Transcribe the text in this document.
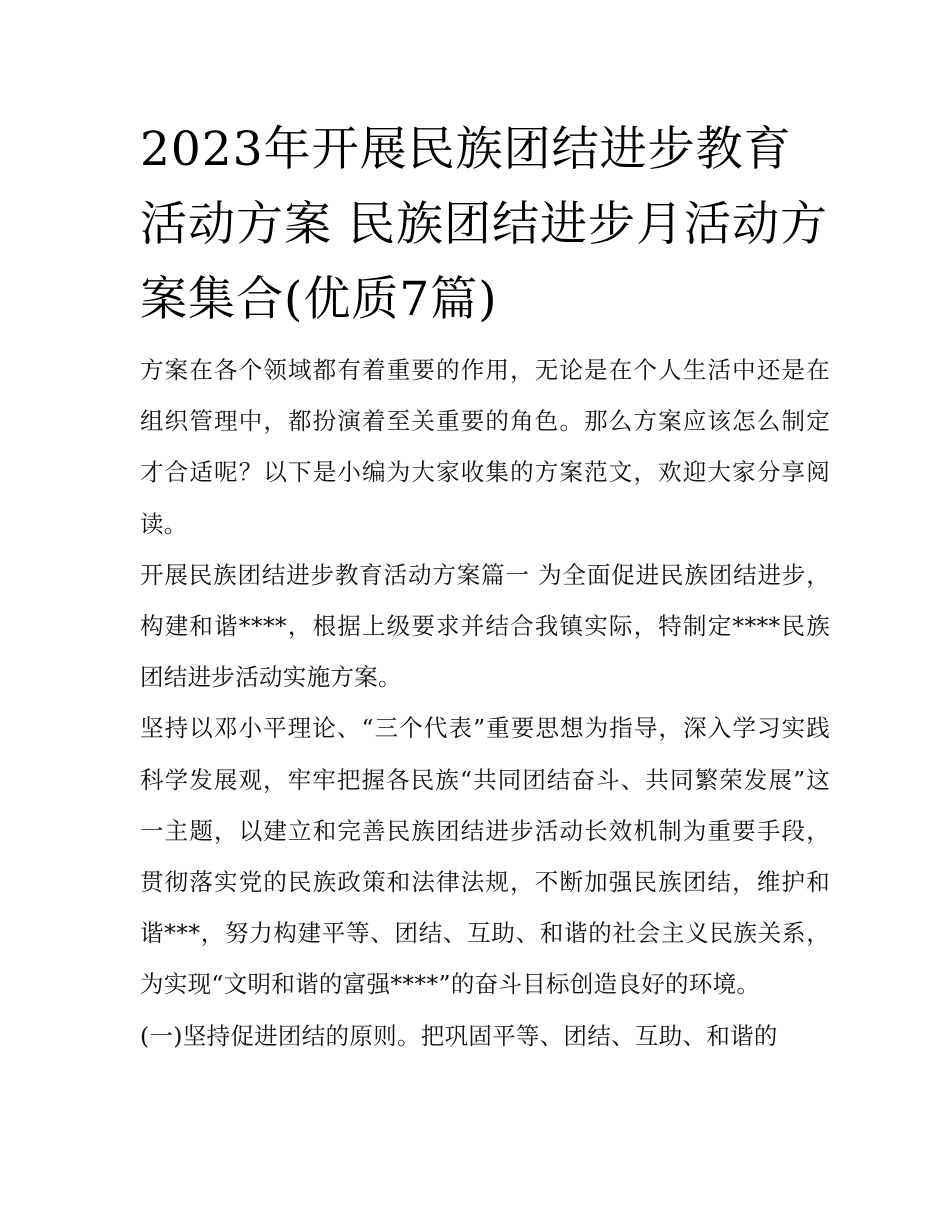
2023年开展民族团结进步教育活动方案 民族团结进步月活动方案集合(优质7篇)

方案在各个领域都有着重要的作用，无论是在个人生活中还是在组织管理中，都扮演着至关重要的角色。那么方案应该怎么制定才合适呢？以下是小编为大家收集的方案范文，欢迎大家分享阅读。

开展民族团结进步教育活动方案篇一 为全面促进民族团结进步，构建和谐****，根据上级要求并结合我镇实际，特制定****民族团结进步活动实施方案。

坚持以邓小平理论、“三个代表”重要思想为指导，深入学习实践科学发展观，牢牢把握各民族“共同团结奋斗、共同繁荣发展”这一主题，以建立和完善民族团结进步活动长效机制为重要手段，贯彻落实党的民族政策和法律法规，不断加强民族团结，维护和谐***，努力构建平等、团结、互助、和谐的社会主义民族关系，为实现“文明和谐的富强****”的奋斗目标创造良好的环境。

(一)坚持促进团结的原则。把巩固平等、团结、互助、和谐的
